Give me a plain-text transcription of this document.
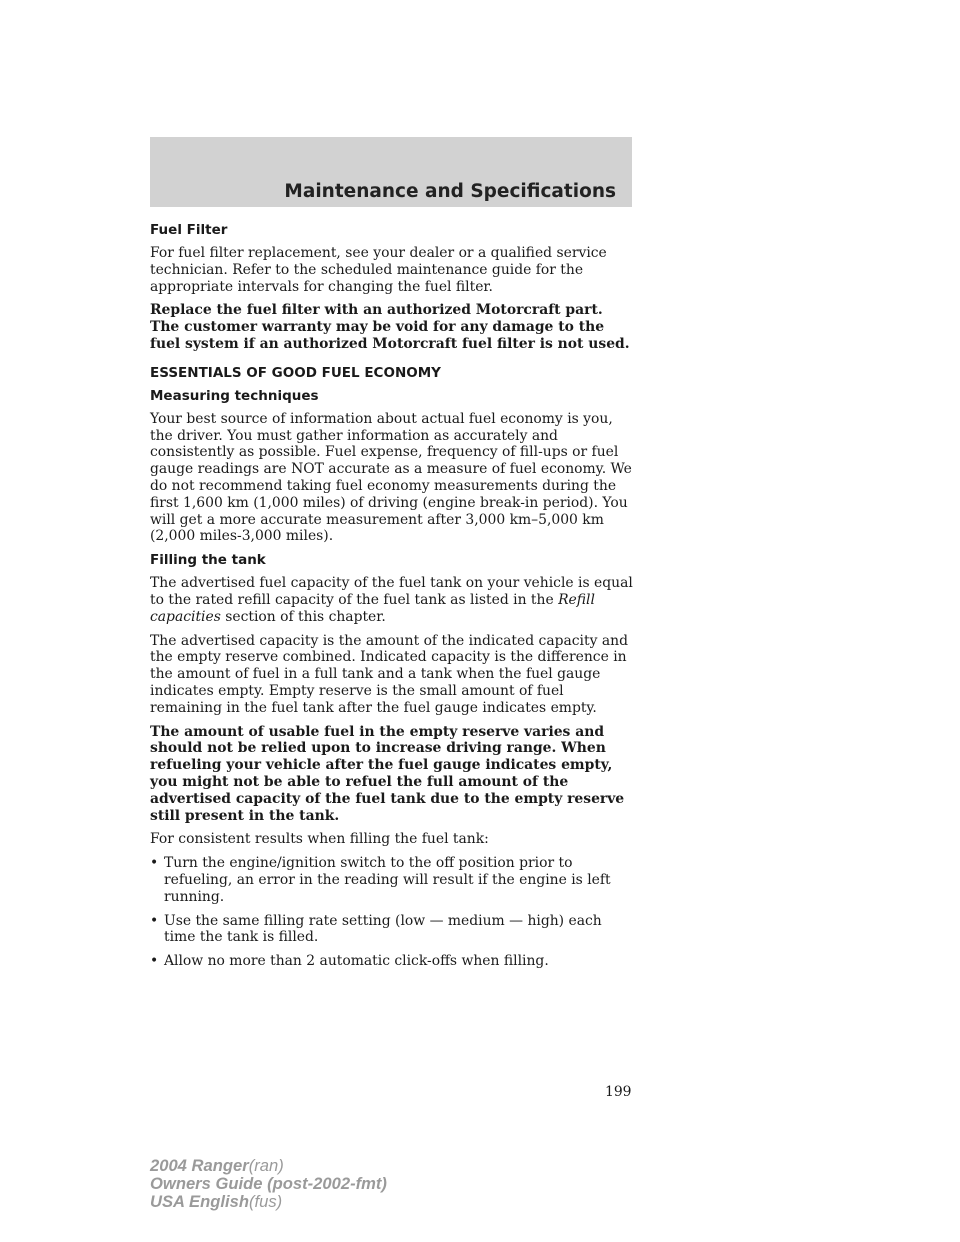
Maintenance and Specifications
Fuel Filter

For fuel filter replacement, see your dealer or a qualified service technician. Refer to the scheduled maintenance guide for the appropriate intervals for changing the fuel filter.

Replace the fuel filter with an authorized Motorcraft part. The customer warranty may be void for any damage to the fuel system if an authorized Motorcraft fuel filter is not used.

ESSENTIALS OF GOOD FUEL ECONOMY
Measuring techniques

Your best source of information about actual fuel economy is you, the driver. You must gather information as accurately and consistently as possible. Fuel expense, frequency of fill-ups or fuel gauge readings are NOT accurate as a measure of fuel economy. We do not recommend taking fuel economy measurements during the first 1,600 km (1,000 miles) of driving (engine break-in period). You will get a more accurate measurement after 3,000 km–5,000 km (2,000 miles-3,000 miles).

Filling the tank

The advertised fuel capacity of the fuel tank on your vehicle is equal to the rated refill capacity of the fuel tank as listed in the Refill capacities section of this chapter.

The advertised capacity is the amount of the indicated capacity and the empty reserve combined. Indicated capacity is the difference in the amount of fuel in a full tank and a tank when the fuel gauge indicates empty. Empty reserve is the small amount of fuel remaining in the fuel tank after the fuel gauge indicates empty.

The amount of usable fuel in the empty reserve varies and should not be relied upon to increase driving range. When refueling your vehicle after the fuel gauge indicates empty, you might not be able to refuel the full amount of the advertised capacity of the fuel tank due to the empty reserve still present in the tank.

For consistent results when filling the fuel tank:

• Turn the engine/ignition switch to the off position prior to refueling, an error in the reading will result if the engine is left running.
• Use the same filling rate setting (low — medium — high) each time the tank is filled.
• Allow no more than 2 automatic click-offs when filling.
199
2004 Ranger(ran)
Owners Guide (post-2002-fmt)
USA English(fus)
